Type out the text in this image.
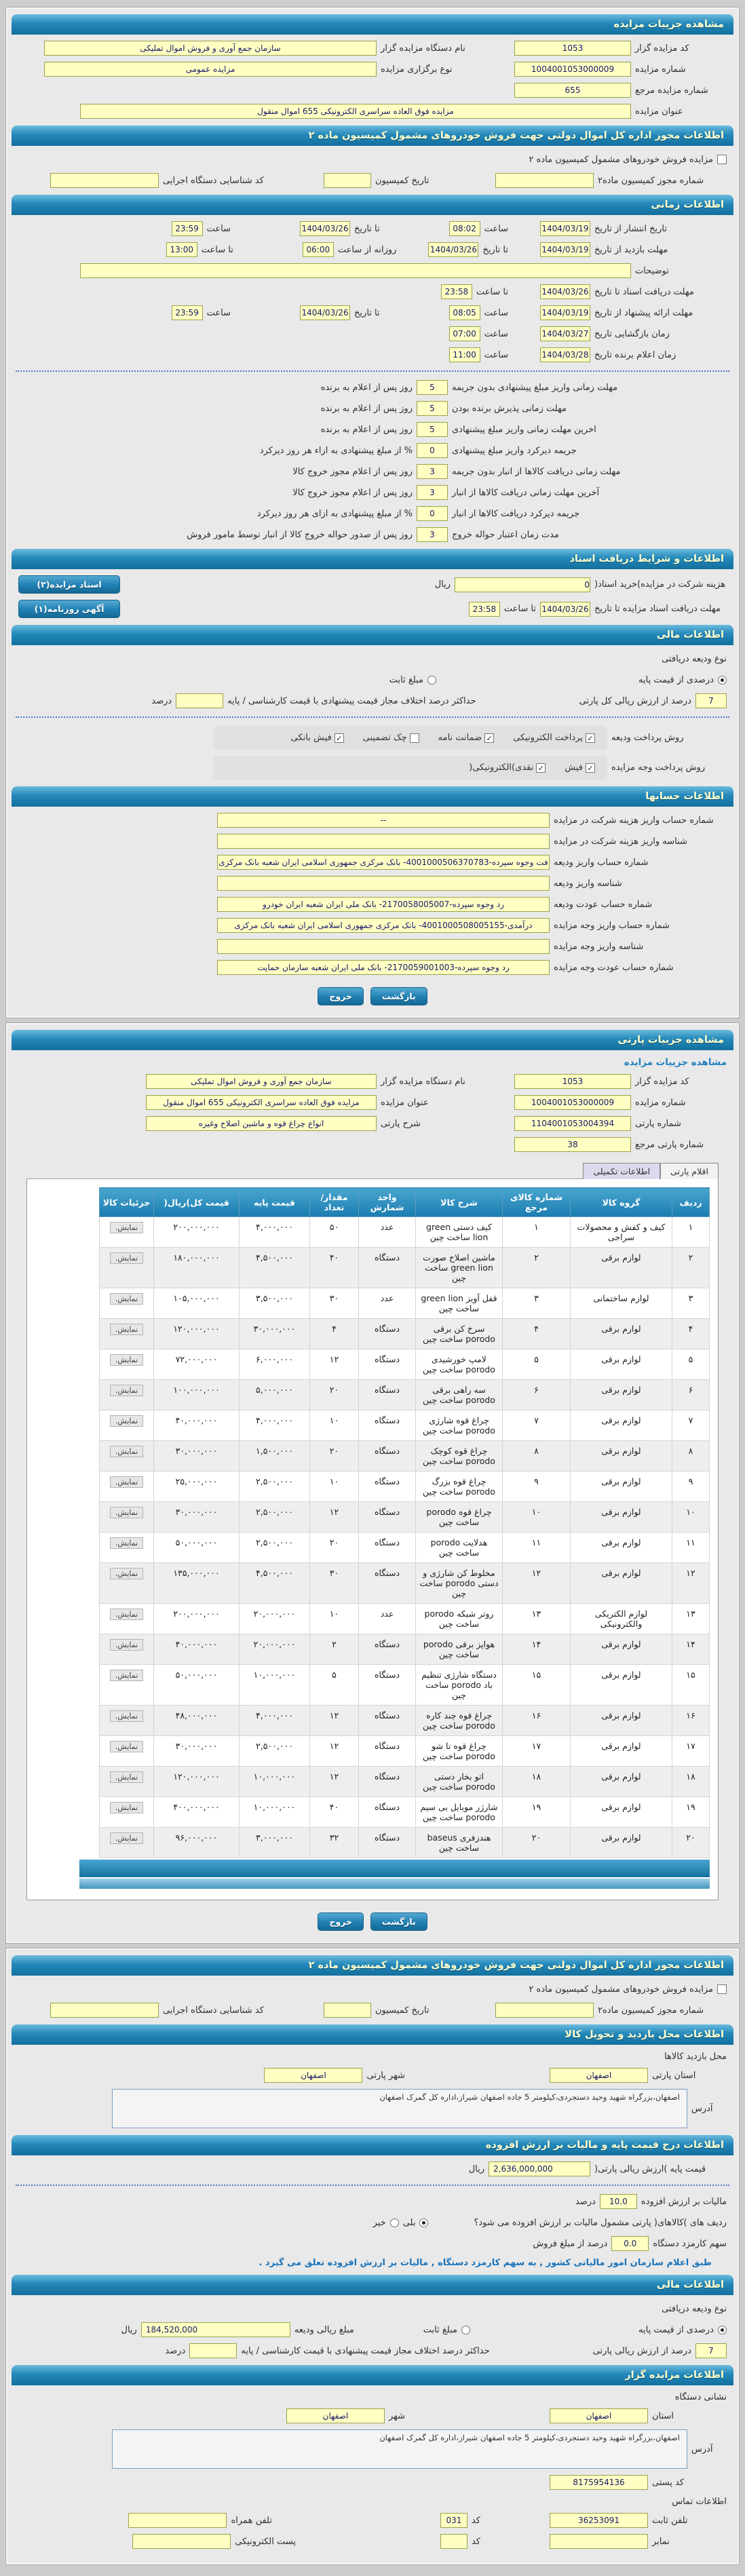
مشاهده جزییات مزایده
کد مزایده گزار
1053
نام دستگاه مزایده گزار
سازمان جمع آوری و فروش اموال تملیکی
شماره مزایده
1004001053000009
نوع برگزاری مزایده
مزایده عمومی
شماره مزایده مرجع
655
عنوان مزایده
مزایده فوق العاده سراسری الکترونیکی 655 اموال منقول
اطلاعات مجوز اداره کل اموال دولتی جهت فروش خودروهای مشمول کمیسیون ماده ۲
مزایده فروش خودروهای مشمول کمیسیون ماده ۲
شماره مجوز کمیسیون ماده۲
تاریخ کمیسیون
کد شناسایی دستگاه اجرایی
اطلاعات زمانی
تاریخ انتشار از تاریخ
1404/03/19
ساعت
08:02
تا تاریخ
1404/03/26
ساعت
23:59
مهلت بازدید از تاریخ
1404/03/19
تا تاریخ
1404/03/26
روزانه از ساعت
06:00
تا ساعت
13:00
توضیحات
مهلت دریافت اسناد تا تاریخ
1404/03/26
تا ساعت
23:58
مهلت ارائه پیشنهاد از تاریخ
1404/03/19
ساعت
08:05
تا تاریخ
1404/03/26
ساعت
23:59
زمان بازگشایی تاریخ
1404/03/27
ساعت
07:00
زمان اعلام برنده تاریخ
1404/03/28
ساعت
11:00
مهلت زمانی واریز مبلغ پیشنهادی بدون جریمه
5
روز پس از اعلام به برنده
مهلت زمانی پذیرش برنده بودن
5
روز پس از اعلام به برنده
اخرین مهلت زمانی واریز مبلغ پیشنهادی
5
روز پس از اعلام به برنده
جریمه دیرکرد واریز مبلغ پیشنهادی
0
% از مبلغ پیشنهادی به ازاء هر روز دیرکرد
مهلت زمانی دریافت کالاها از انبار بدون جریمه
3
روز پس از اعلام مجوز خروج کالا
آخرین مهلت زمانی دریافت کالاها از انبار
3
روز پس از اعلام مجوز خروج کالا
جریمه دیرکرد دریافت کالاها از انبار
0
% از مبلغ پیشنهادی به ازای هر روز دیرکرد
مدت زمان اعتبار حواله خروج
3
روز پس از صدور حواله خروج کالا از انبار توسط مامور فروش
اطلاعات و شرایط دریافت اسناد
هزینه شرکت در مزایده)خرید اسناد(
0
ریال
اسناد مزایده(۲)
مهلت دریافت اسناد مزایده تا تاریخ
1404/03/26
تا ساعت
23:58
آگهی روزنامه(۱)
اطلاعات مالی
نوع ودیعه دریافتی
درصدی از قیمت پایه
مبلغ ثابت
7
درصد از ارزش ریالی کل پارتی
حداکثر درصد اختلاف مجاز قیمت پیشنهادی با قیمت کارشناسی / پایه
درصد
روش پرداخت ودیعه
✓
پرداخت الکترونیکی
✓
ضمانت نامه
چک تضمینی
✓
فیش بانکی
روش پرداخت وجه مزایده
✓
فیش
✓
نقدی)الکترونیکی(
اطلاعات حسابها
شماره حساب واریز هزینه شرکت در مزایده
--
شناسه واریز هزینه شرکت در مزایده
شماره حساب واریز ودیعه
فت وجوه سپرده-4001000506370783- بانک مرکزی جمهوری اسلامی ایران شعبه بانک مرکزی
شناسه واریز ودیعه
شماره حساب عودت ودیعه
رد وجوه سپرده-2170058005007- بانک ملی ایران شعبه ایران خودرو
شماره حساب واریز وجه مزایده
درآمدی-4001000508005155- بانک مرکزی جمهوری اسلامی ایران شعبه بانک مرکزی
شناسه واریز وجه مزایده
شماره حساب عودت وجه مزایده
رد وجوه سپرده-2170059001003- بانک ملی ایران شعبه سازمان حمایت
بازگشت
خروج
مشاهده جزییات پارتی
مشاهده جزییات مزایده
کد مزایده گزار
1053
نام دستگاه مزایده گزار
سازمان جمع آوری و فروش اموال تملیکی
شماره مزایده
1004001053000009
عنوان مزایده
مزایده فوق العاده سراسری الکترونیکی 655 اموال منقول
شماره پارتی
1104001053004394
شرح پارتی
انواع چراغ قوه و ماشین اصلاح وغیره
شماره پارتی مرجع
38
اقلام پارتی
اطلاعات تکمیلی
ردیف	گروه کالا	شماره کالای مرجع	شرح کالا	واحد شمارش	مقدار/ تعداد	قیمت پایه	قیمت کل)ریال(	جزئیات کالا
۱	کیف و کفش و محصولات سراجی	۱	کیف دستی green lion ساخت چین	عدد	۵۰	۴,۰۰۰,۰۰۰	۲۰۰,۰۰۰,۰۰۰	نمایش.
۲	لوازم برقی	۲	ماشین اصلاح صورت green lion ساخت چین	دستگاه	۴۰	۴,۵۰۰,۰۰۰	۱۸۰,۰۰۰,۰۰۰	نمایش.
۳	لوازم ساختمانی	۳	قفل آویز green lion ساخت چین	عدد	۳۰	۳,۵۰۰,۰۰۰	۱۰۵,۰۰۰,۰۰۰	نمایش.
۴	لوازم برقی	۴	سرخ کن برقی porodo ساخت چین	دستگاه	۴	۳۰,۰۰۰,۰۰۰	۱۲۰,۰۰۰,۰۰۰	نمایش.
۵	لوازم برقی	۵	لامپ خورشیدی porodo ساخت چین	دستگاه	۱۲	۶,۰۰۰,۰۰۰	۷۲,۰۰۰,۰۰۰	نمایش.
۶	لوازم برقی	۶	سه راهی برقی porodo ساخت چین	دستگاه	۲۰	۵,۰۰۰,۰۰۰	۱۰۰,۰۰۰,۰۰۰	نمایش.
۷	لوازم برقی	۷	چراغ قوه شارژی porodo ساخت چین	دستگاه	۱۰	۴,۰۰۰,۰۰۰	۴۰,۰۰۰,۰۰۰	نمایش.
۸	لوازم برقی	۸	چراغ قوه کوچک porodo ساخت چین	دستگاه	۲۰	۱,۵۰۰,۰۰۰	۳۰,۰۰۰,۰۰۰	نمایش.
۹	لوازم برقی	۹	چراغ قوه بزرگ porodo ساخت چین	دستگاه	۱۰	۲,۵۰۰,۰۰۰	۲۵,۰۰۰,۰۰۰	نمایش.
۱۰	لوازم برقی	۱۰	چراغ قوه porodo ساخت چین	دستگاه	۱۲	۲,۵۰۰,۰۰۰	۳۰,۰۰۰,۰۰۰	نمایش.
۱۱	لوازم برقی	۱۱	هدلایت porodo ساخت چین	دستگاه	۲۰	۲,۵۰۰,۰۰۰	۵۰,۰۰۰,۰۰۰	نمایش.
۱۲	لوازم برقی	۱۲	مخلوط کن شارژی و دستی porodo ساخت چین	دستگاه	۳۰	۴,۵۰۰,۰۰۰	۱۳۵,۰۰۰,۰۰۰	نمایش.
۱۳	لوازم الکتریکی والکترونیکی	۱۳	روتر شبکه porodo ساخت چین	عدد	۱۰	۲۰,۰۰۰,۰۰۰	۲۰۰,۰۰۰,۰۰۰	نمایش.
۱۴	لوازم برقی	۱۴	هواپز برقی porodo ساخت چین	دستگاه	۲	۲۰,۰۰۰,۰۰۰	۴۰,۰۰۰,۰۰۰	نمایش.
۱۵	لوازم برقی	۱۵	دستگاه شارژی تنظیم باد porodo ساخت چین	دستگاه	۵	۱۰,۰۰۰,۰۰۰	۵۰,۰۰۰,۰۰۰	نمایش.
۱۶	لوازم برقی	۱۶	چراغ قوه چند کاره porodo ساخت چین	دستگاه	۱۲	۴,۰۰۰,۰۰۰	۴۸,۰۰۰,۰۰۰	نمایش.
۱۷	لوازم برقی	۱۷	چراغ قوه تا شو porodo ساخت چین	دستگاه	۱۲	۲,۵۰۰,۰۰۰	۳۰,۰۰۰,۰۰۰	نمایش.
۱۸	لوازم برقی	۱۸	اتو بخار دستی porodo ساخت چین	دستگاه	۱۲	۱۰,۰۰۰,۰۰۰	۱۲۰,۰۰۰,۰۰۰	نمایش.
۱۹	لوازم برقی	۱۹	شارژر موبایل بی سیم porodo ساخت چین	دستگاه	۴۰	۱۰,۰۰۰,۰۰۰	۴۰۰,۰۰۰,۰۰۰	نمایش.
۲۰	لوازم برقی	۲۰	هندزفری baseus ساخت چین	دستگاه	۳۲	۳,۰۰۰,۰۰۰	۹۶,۰۰۰,۰۰۰	نمایش.
بازگشت
خروج
اطلاعات مجوز اداره کل اموال دولتی جهت فروش خودروهای مشمول کمیسیون ماده ۲
مزایده فروش خودروهای مشمول کمیسیون ماده ۲
شماره مجوز کمیسیون ماده۲
تاریخ کمیسیون
کد شناسایی دستگاه اجرایی
اطلاعات محل بازدید و تحویل کالا
محل بازدید کالاها
استان پارتی
اصفهان
شهر پارتی
اصفهان
آدرس
اصفهان،بزرگراه شهید وحید دستجردی،کیلومتر 5 جاده اصفهان شیراز،اداره کل گمرک اصفهان
اطلاعات درج قیمت پایه و مالیات بر ارزش افزوده
قیمت پایه )ارزش ریالی پارتی(
2,636,000,000
ریال
مالیات بر ارزش افزوده
10.0
درصد
ردیف های )کالاهای( پارتی مشمول مالیات بر ارزش افزوده می شود؟
بلی
خیر
سهم کارمزد دستگاه
0.0
درصد از مبلغ فروش
طبق اعلام سازمان امور مالیاتی کشور , به سهم کارمزد دستگاه , مالیات بر ارزش افزوده تعلق می گیرد .
اطلاعات مالی
نوع ودیعه دریافتی
درصدی از قیمت پایه
مبلغ ثابت
مبلغ ریالی ودیعه
184,520,000
ریال
7
درصد از ارزش ریالی پارتی
حداکثر درصد اختلاف مجاز قیمت پیشنهادی با قیمت کارشناسی / پایه
درصد
اطلاعات مزایده گزار
نشانی دستگاه
استان
اصفهان
شهر
اصفهان
آدرس
اصفهان،بزرگراه شهید وحید دستجردی،کیلومتر 5 جاده اصفهان شیراز،اداره کل گمرک اصفهان
کد پستی
8175954136
اطلاعات تماس
تلفن ثابت
36253091
کد
031
تلفن همراه
نمابر
کد
پست الکترونیکی
